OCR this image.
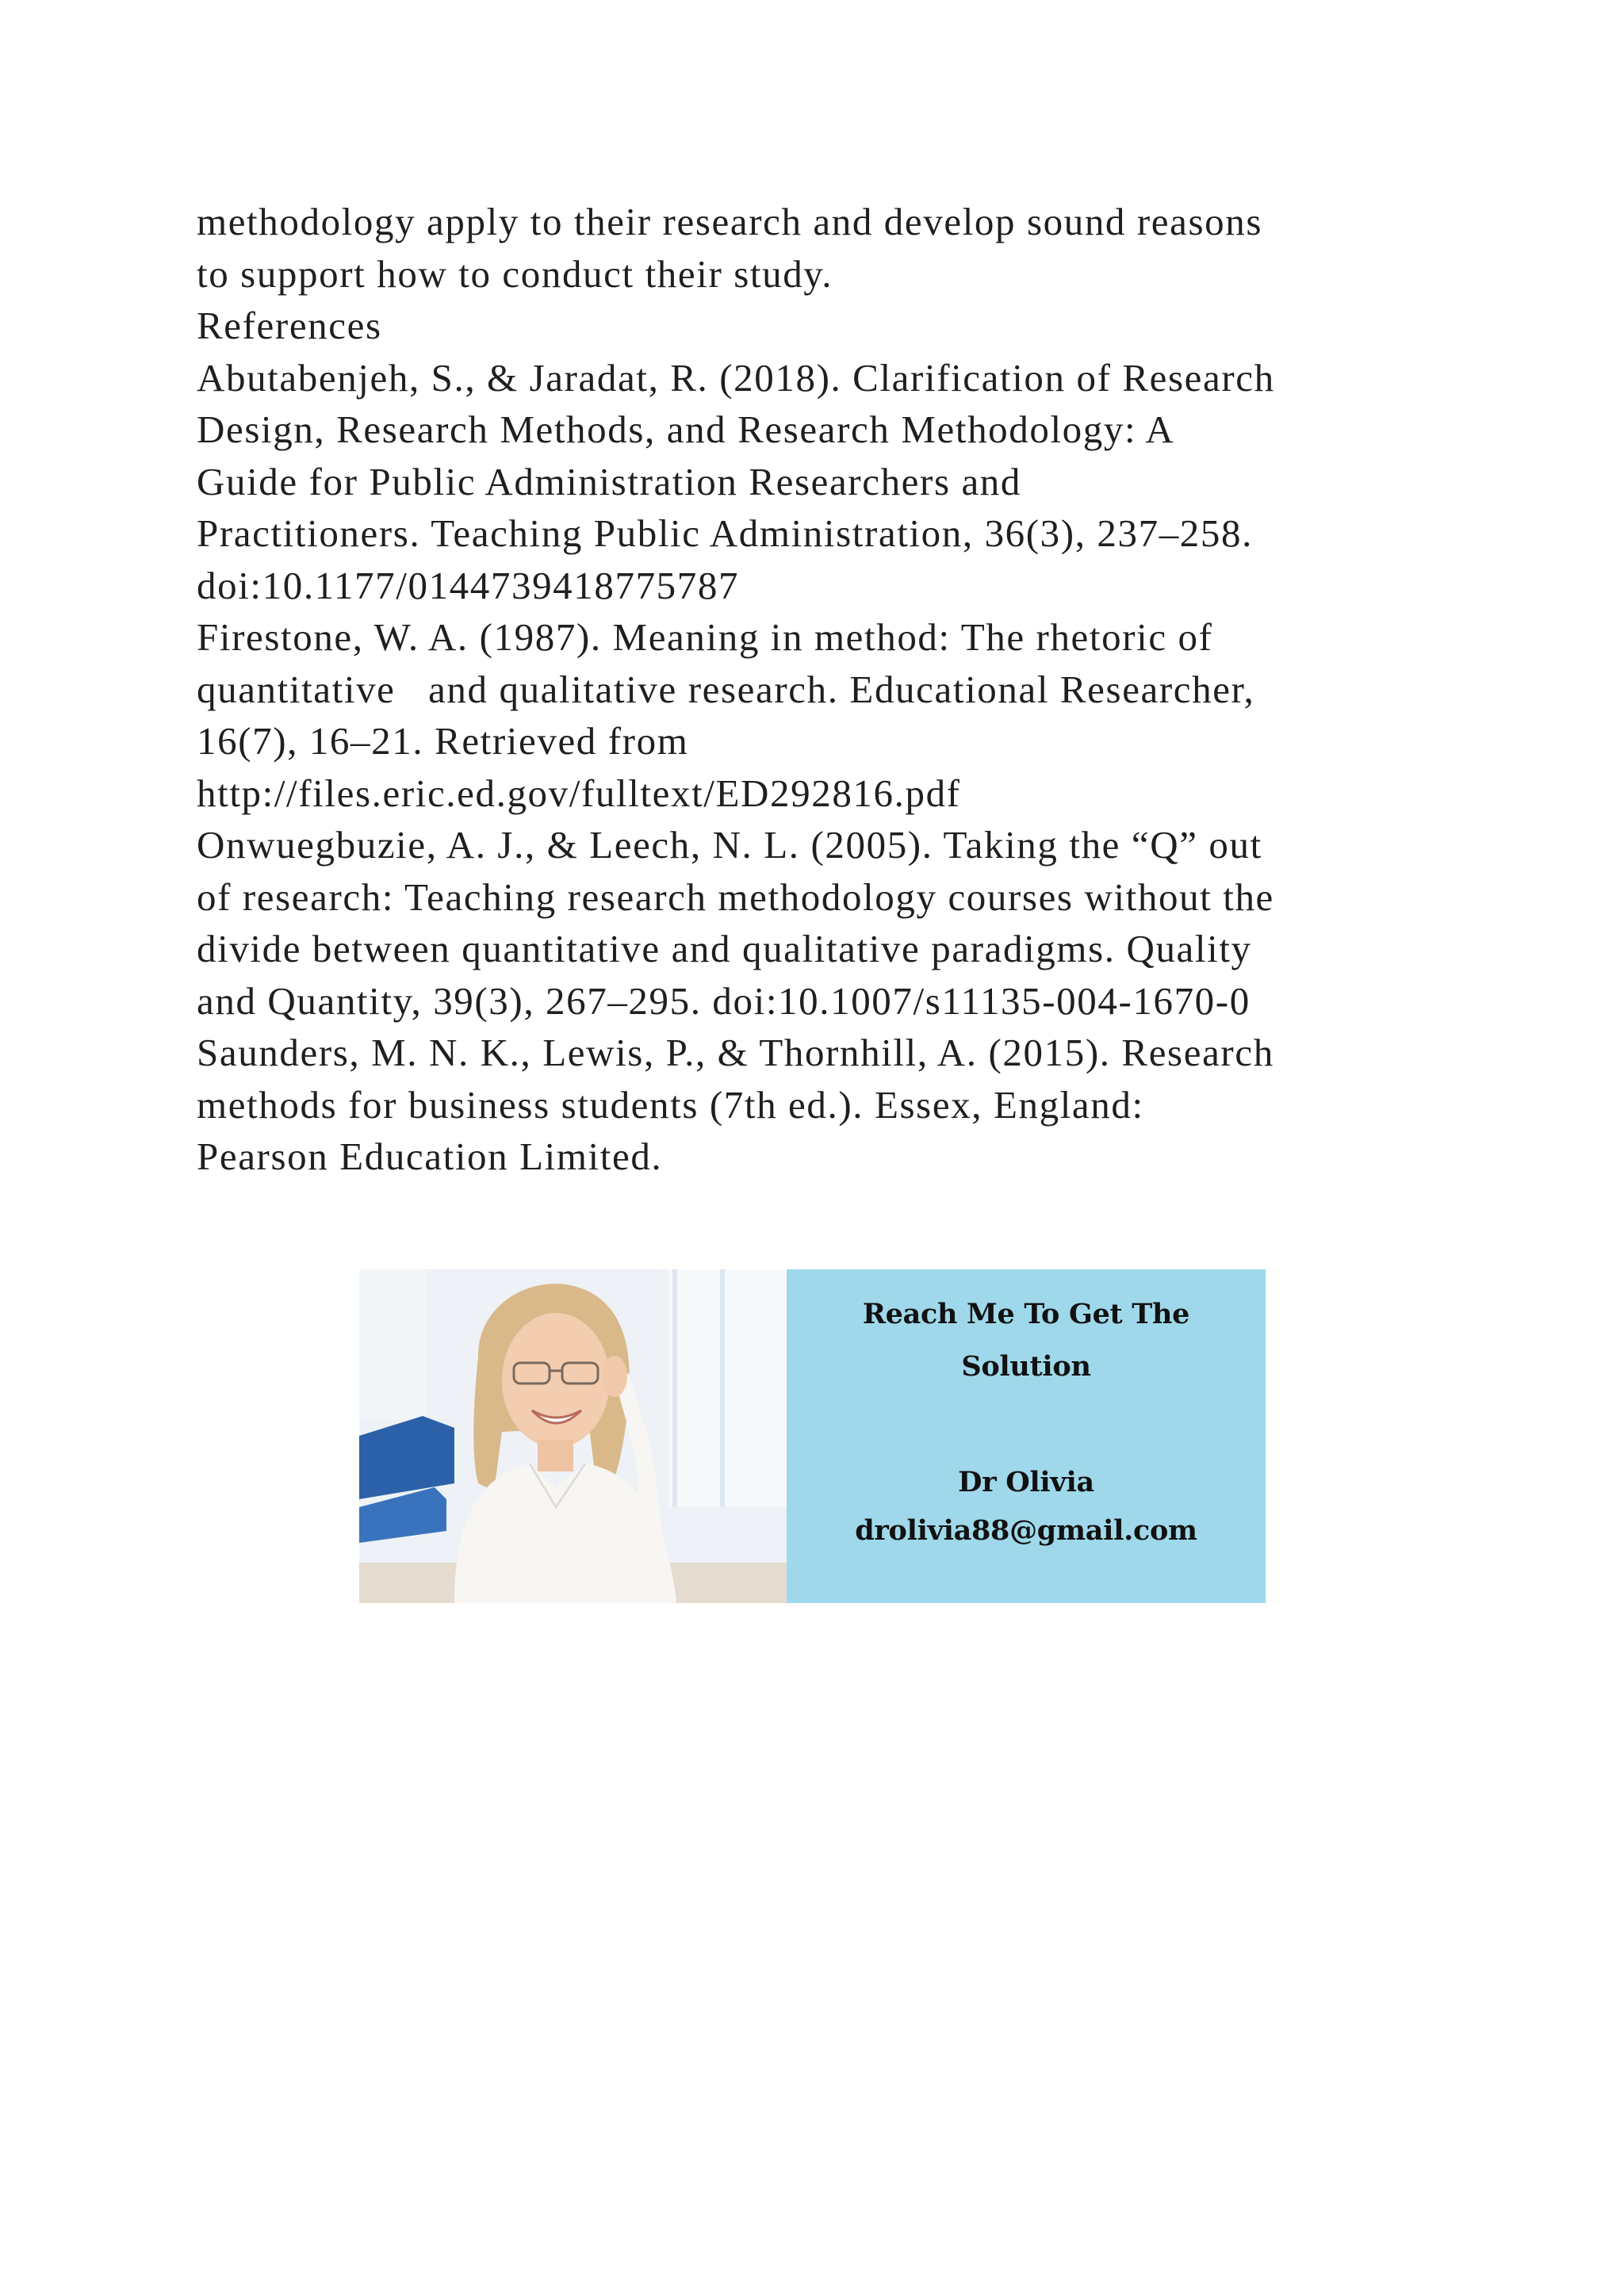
methodology apply to their research and develop sound reasons
to support how to conduct their study.
References
Abutabenjeh, S., & Jaradat, R. (2018). Clarification of Research
Design, Research Methods, and Research Methodology: A
Guide for Public Administration Researchers and
Practitioners. Teaching Public Administration, 36(3), 237–258.
doi:10.1177/0144739418775787
Firestone, W. A. (1987). Meaning in method: The rhetoric of
quantitative   and qualitative research. Educational Researcher,
16(7), 16–21. Retrieved from
http://files.eric.ed.gov/fulltext/ED292816.pdf
Onwuegbuzie, A. J., & Leech, N. L. (2005). Taking the “Q” out
of research: Teaching research methodology courses without the
divide between quantitative and qualitative paradigms. Quality
and Quantity, 39(3), 267–295. doi:10.1007/s11135-004-1670-0
Saunders, M. N. K., Lewis, P., & Thornhill, A. (2015). Research
methods for business students (7th ed.). Essex, England:
Pearson Education Limited.
Reach Me To Get The
Solution
Dr Olivia
drolivia88@gmail.com
